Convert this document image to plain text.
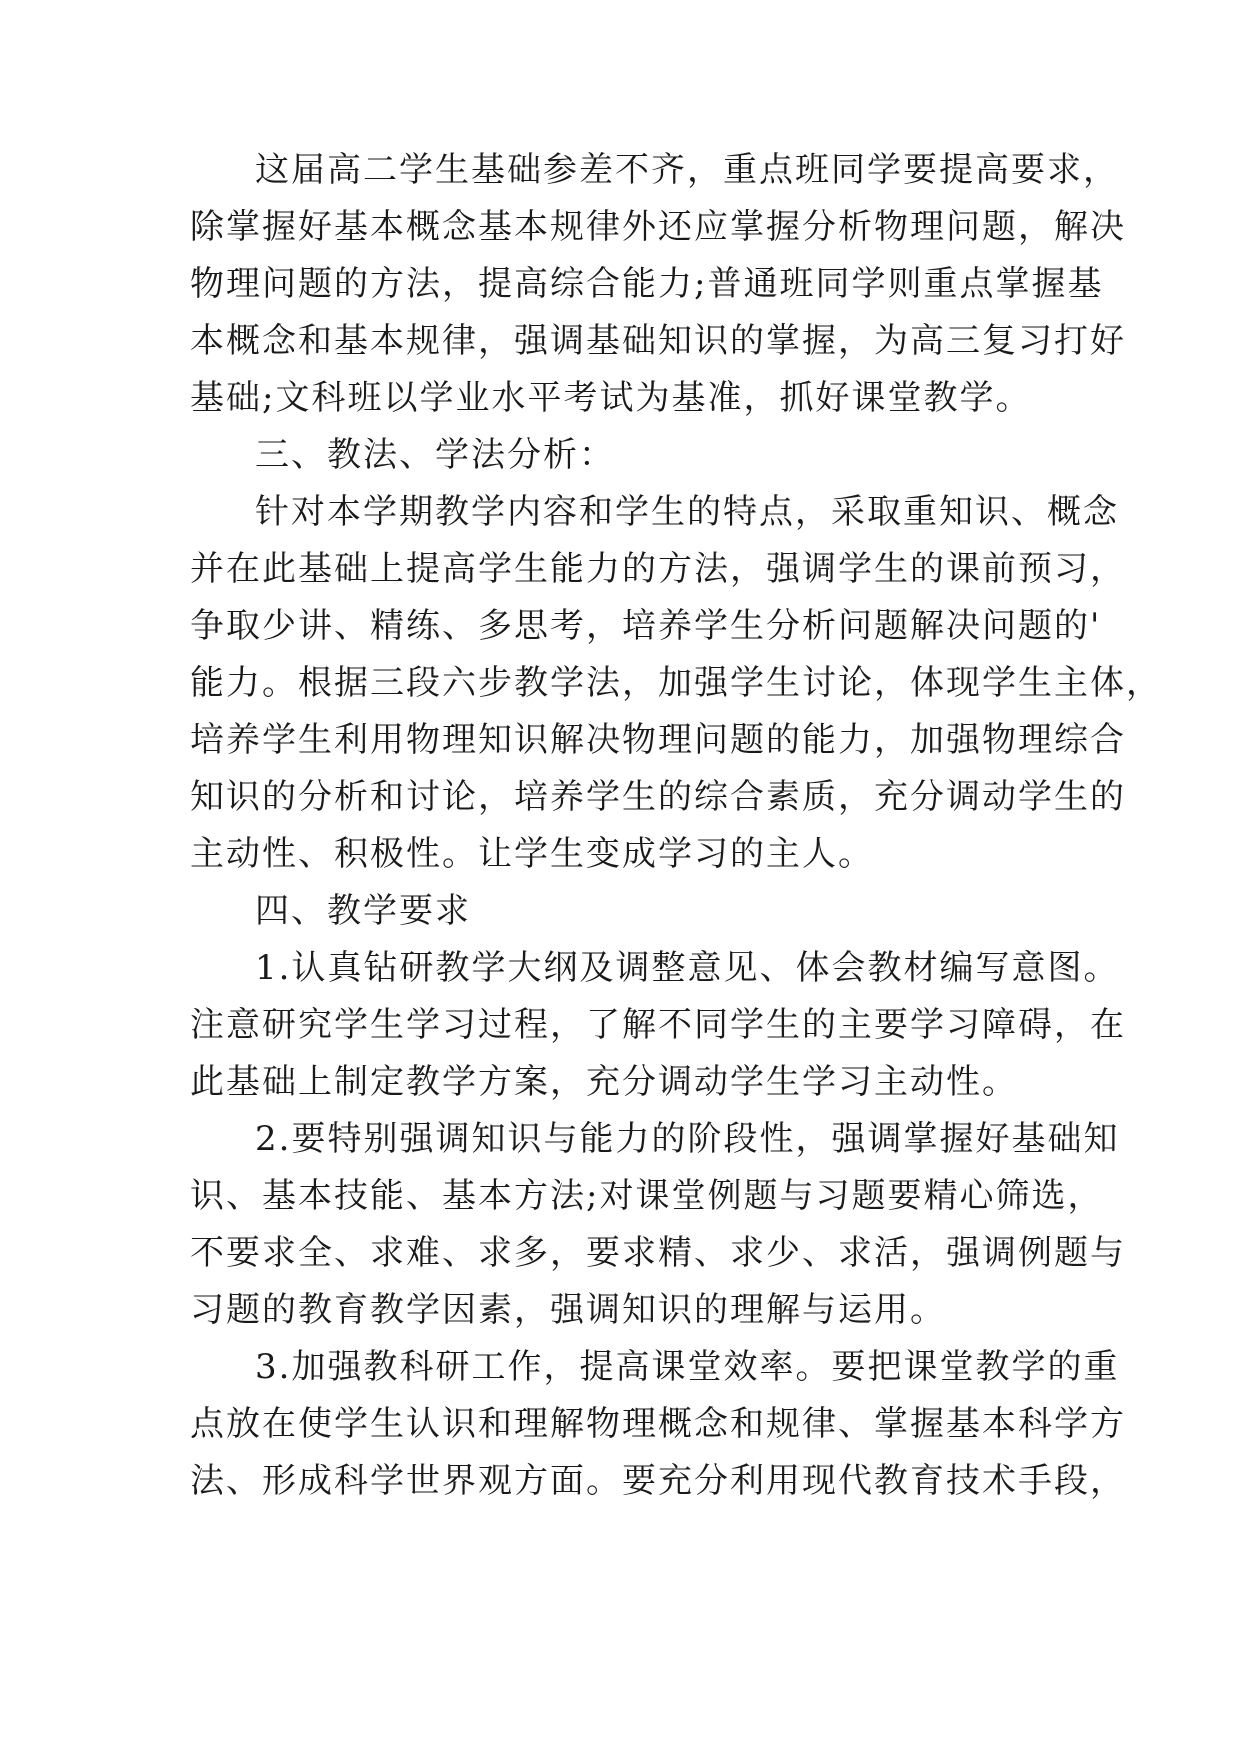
这届高二学生基础参差不齐，重点班同学要提高要求，
除掌握好基本概念基本规律外还应掌握分析物理问题，解决
物理问题的方法，提高综合能力;普通班同学则重点掌握基
本概念和基本规律，强调基础知识的掌握，为高三复习打好
基础;文科班以学业水平考试为基准，抓好课堂教学。
三、教法、学法分析：
针对本学期教学内容和学生的特点，采取重知识、概念
并在此基础上提高学生能力的方法，强调学生的课前预习，
争取少讲、精练、多思考，培养学生分析问题解决问题的'
能力。根据三段六步教学法，加强学生讨论，体现学生主体，
培养学生利用物理知识解决物理问题的能力，加强物理综合
知识的分析和讨论，培养学生的综合素质，充分调动学生的
主动性、积极性。让学生变成学习的主人。
四、教学要求
1.认真钻研教学大纲及调整意见、体会教材编写意图。
注意研究学生学习过程，了解不同学生的主要学习障碍，在
此基础上制定教学方案，充分调动学生学习主动性。
2.要特别强调知识与能力的阶段性，强调掌握好基础知
识、基本技能、基本方法;对课堂例题与习题要精心筛选，
不要求全、求难、求多，要求精、求少、求活，强调例题与
习题的教育教学因素，强调知识的理解与运用。
3.加强教科研工作，提高课堂效率。要把课堂教学的重
点放在使学生认识和理解物理概念和规律、掌握基本科学方
法、形成科学世界观方面。要充分利用现代教育技术手段，
